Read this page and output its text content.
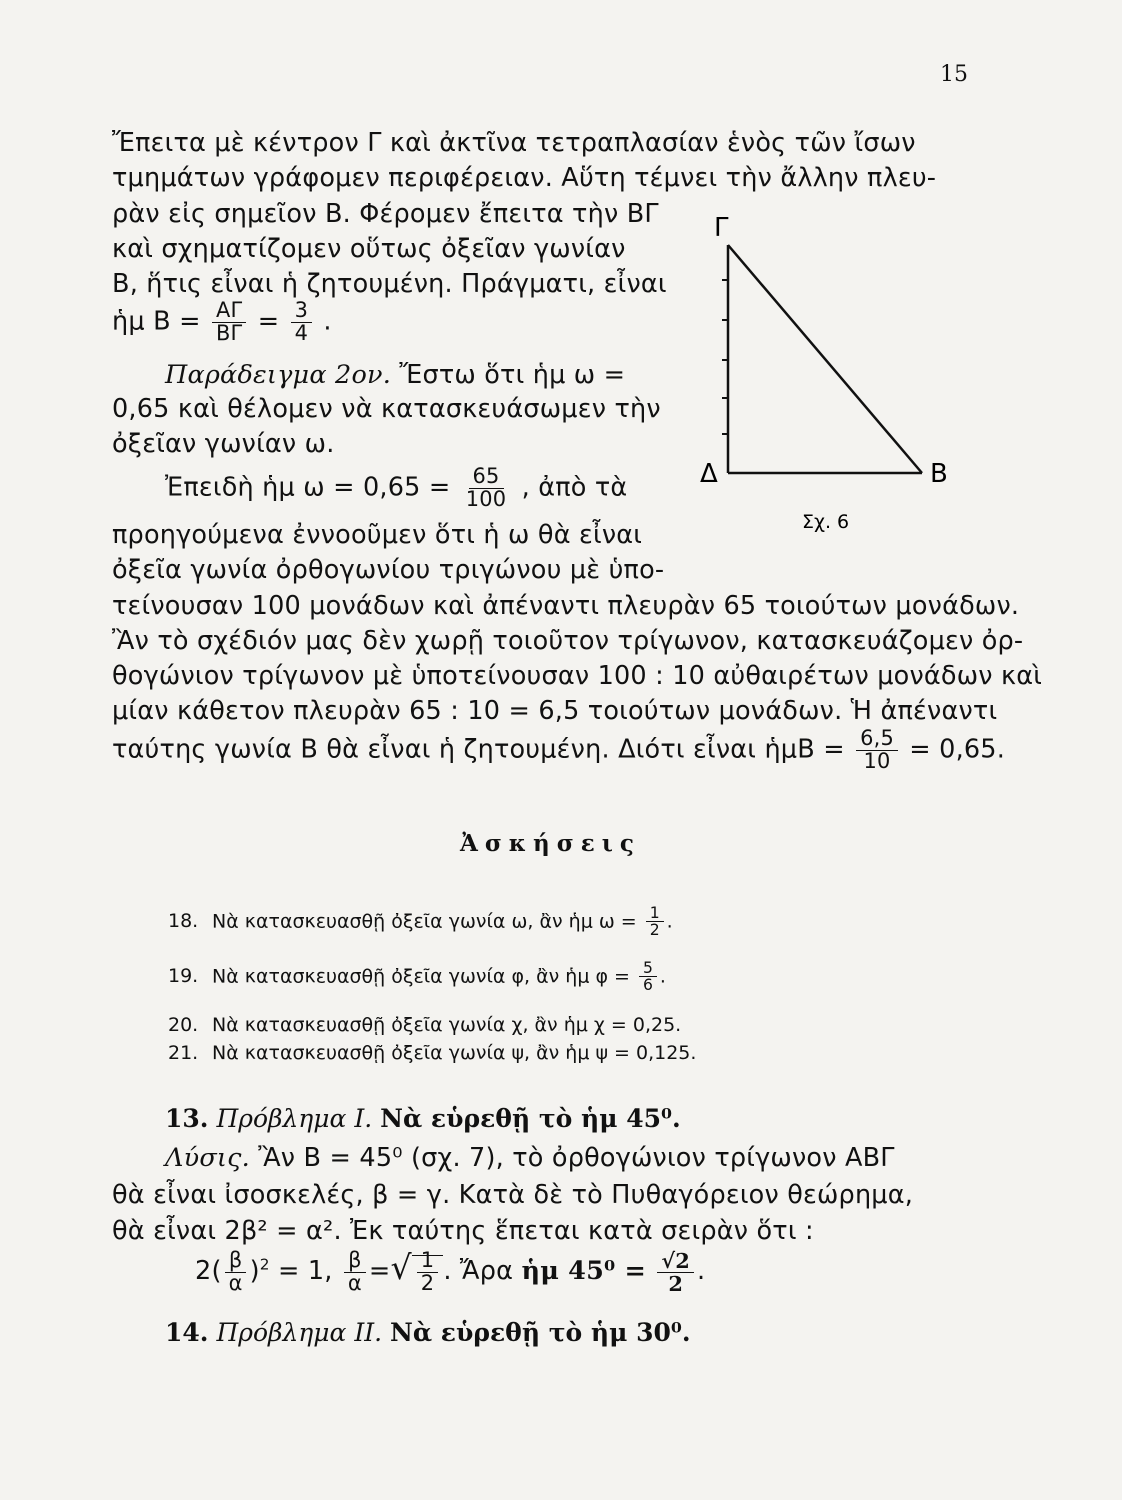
15
Ἔπειτα μὲ κέντρον Γ καὶ ἀκτῖνα τετραπλασίαν ἑνὸς τῶν ἴσων
τμημάτων γράφομεν περιφέρειαν. Αὕτη τέμνει τὴν ἄλλην πλευ-
ρὰν εἰς σημεῖον Β. Φέρομεν ἔπειτα τὴν ΒΓ
καὶ σχηματίζομεν οὕτως ὀξεῖαν γωνίαν
Β, ἥτις εἶναι ἡ ζητουμένη. Πράγματι, εἶναι
ἡμ $B = \frac{A\Gamma}{B\Gamma} = \frac{3}{4}$ .
Παράδειγμα 2ον. Ἔστω ὅτι ἡμ ω =
0,65 καὶ θέλομεν νὰ κατασκευάσωμεν τὴν
ὀξεῖαν γωνίαν ω.
Ἐπειδὴ ἡμ $\omega = 0,65 = \frac{65}{100}$ , ἀπὸ τὰ
προηγούμενα ἐννοοῦμεν ὅτι ἡ ω θὰ εἶναι
ὀξεῖα γωνία ὀρθογωνίου τριγώνου μὲ ὑπο-
τείνουσαν 100 μονάδων καὶ ἀπέναντι πλευρὰν 65 τοιούτων μονάδων.
Ἂν τὸ σχέδιόν μας δὲν χωρῇ τοιοῦτον τρίγωνον, κατασκευάζομεν ὀρ-
θογώνιον τρίγωνον μὲ ὑποτείνουσαν 100 : 10 αὐθαιρέτων μονάδων καὶ
μίαν κάθετον πλευρὰν 65 : 10 = 6,5 τοιούτων μονάδων. Ἡ ἀπέναντι
ταύτης γωνία Β θὰ εἶναι ἡ ζητουμένη. Διότι εἶναι ἡμΒ = $\frac{6,5}{10} = 0,65$.
Γ
Δ	Β
Σχ. 6
Ἀσκήσεις
18. Νὰ κατασκευασθῇ ὀξεῖα γωνία ω, ἂν ἡμ $\omega = \frac{1}{2}$ .
19. Νὰ κατασκευασθῇ ὀξεῖα γωνία φ, ἂν ἡμ $\varphi = \frac{5}{6}$ .
20. Νὰ κατασκευασθῇ ὀξεῖα γωνία χ, ἂν ἡμ χ = 0,25.
21. Νὰ κατασκευασθῇ ὀξεῖα γωνία ψ, ἂν ἡμ ψ = 0,125.
13. Πρόβλημα Ι. Νὰ εὑρεθῇ τὸ ἡμ 45⁰.
Λύσις. Ἂν Β = 45⁰ (σχ. 7), τὸ ὀρθογώνιον τρίγωνον ΑΒΓ
θὰ εἶναι ἰσοσκελές, β = γ. Κατὰ δὲ τὸ Πυθαγόρειον θεώρημα,
θὰ εἶναι 2β² = α². Ἐκ ταύτης ἕπεται κατὰ σειρὰν ὅτι :
$2( \frac{\beta}{\alpha} )^2 = 1$, $\frac{\beta}{\alpha}$ =√ $\frac{1}{2}$ . Ἄρα ἡμ $45^0 = \frac{√2}{2}$ .
14. Πρόβλημα ΙΙ. Νὰ εὑρεθῇ τὸ ἡμ 30⁰.
